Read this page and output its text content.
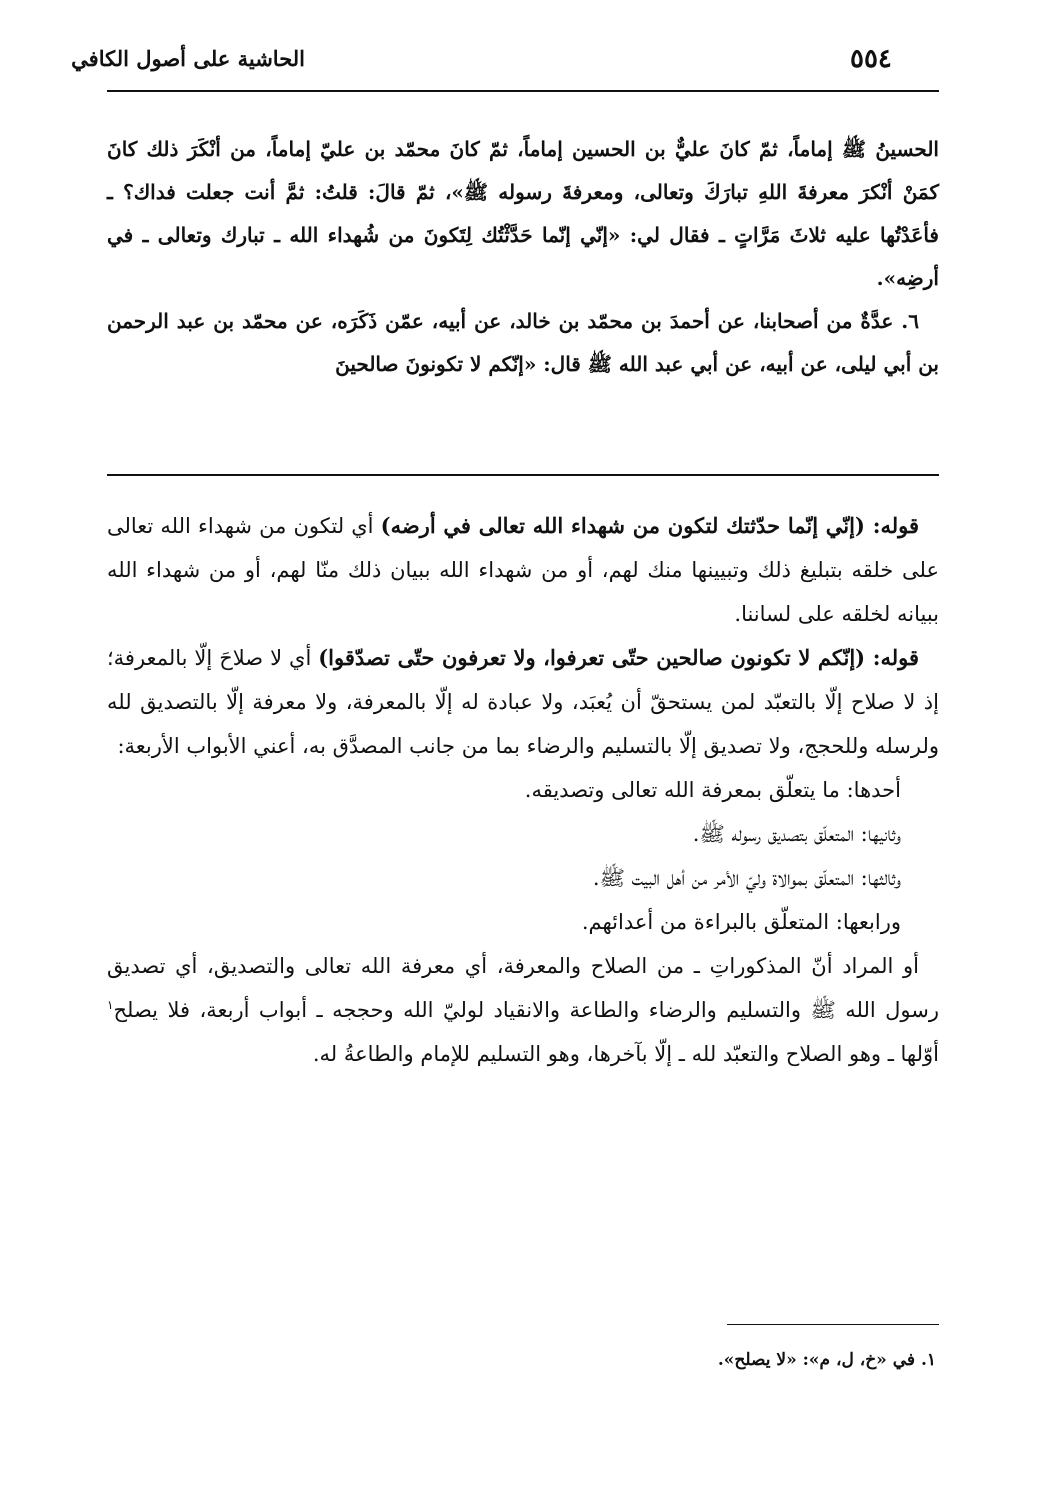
الحاشية على أصول الكافي	٥٥٤

الحسينُ ﷺ إماماً، ثمّ كانَ عليٌّ بن الحسين إماماً، ثمّ كانَ محمّد بن عليّ إماماً، من أنْكَرَ ذلك كانَ كمَنْ أنْكرَ معرفةَ اللهِ تبارَكَ وتعالى، ومعرفةَ رسوله ﷺ»، ثمّ قالَ: قلتُ: ثمَّ أنت جعلت فداك؟ ـ فأعَدْتُها عليه ثلاثَ مَرَّاتٍ ـ فقال لي: «إنّي إنّما حَدَّثْتُك لِتَكونَ من شُهداء الله ـ تبارك وتعالى ـ في أرضِه».

٦. عدَّةٌ من أصحابنا، عن أحمدَ بن محمّد بن خالد، عن أبيه، عمّن ذَكَرَه، عن محمّد بن عبد الرحمن بن أبي ليلى، عن أبيه، عن أبي عبد الله ﷺ قال: «إنّكم لا تكونونَ صالحينَ

قوله: (إنّي إنّما حدّثتك لتكون من شهداء الله تعالى في أرضه) أي لتكون من شهداء الله تعالى على خلقه بتبليغ ذلك وتبيينها منك لهم، أو من شهداء الله ببيان ذلك منّا لهم، أو من شهداء الله ببيانه لخلقه على لساننا.

قوله: (إنّكم لا تكونون صالحين حتّى تعرفوا، ولا تعرفون حتّى تصدّقوا) أي لا صلاحَ إلّا بالمعرفة؛ إذ لا صلاح إلّا بالتعبّد لمن يستحقّ أن يُعبَد، ولا عبادة له إلّا بالمعرفة، ولا معرفة إلّا بالتصديق لله ولرسله وللحجج، ولا تصديق إلّا بالتسليم والرضاء بما من جانب المصدَّق به، أعني الأبواب الأربعة:

أحدها: ما يتعلّق بمعرفة الله تعالى وتصديقه.

وثانيها: المتعلّق بتصديق رسوله ﷺ.

وثالثها: المتعلّق بموالاة وليّ الأمر من أهل البيت ﷺ.

ورابعها: المتعلّق بالبراءة من أعدائهم.

أو المراد أنّ المذكوراتِ ـ من الصلاح والمعرفة، أي معرفة الله تعالى والتصديق، أي تصديق رسول الله ﷺ والتسليم والرضاء والطاعة والانقياد لوليّ الله وحججه ـ أبواب أربعة، فلا يصلح$^١$ أوّلها ـ وهو الصلاح والتعبّد لله ـ إلّا بآخرها، وهو التسليم للإمام والطاعةُ له.

١. في «خ، ل، م»: «لا يصلح».
